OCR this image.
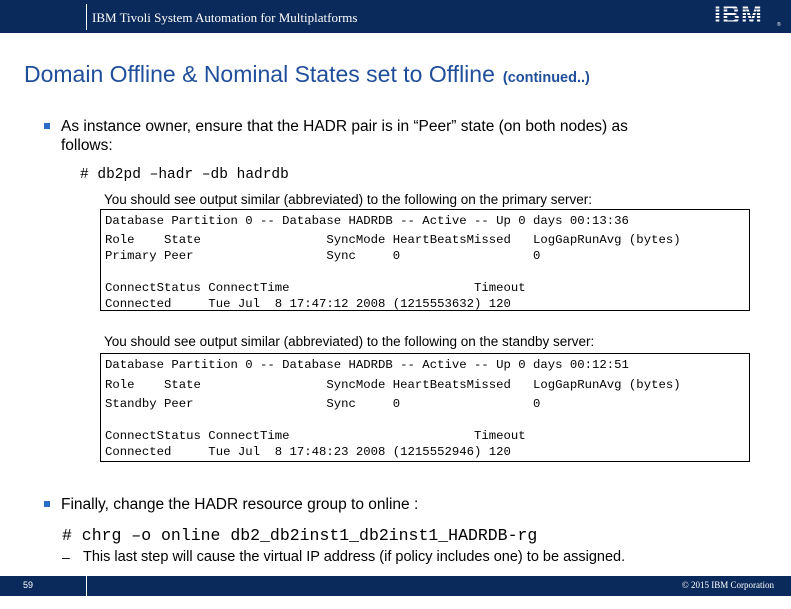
IBM Tivoli System Automation for Multiplatforms	IBM	®
Domain Offline & Nominal States set to Offline (continued..)
As instance owner, ensure that the HADR pair is in “Peer” state (on both nodes) as
follows:
# db2pd –hadr –db hadrdb
You should see output similar (abbreviated) to the following on the primary server:
Database Partition 0 -- Database HADRDB -- Active -- Up 0 days 00:13:36
Role    State                 SyncMode HeartBeatsMissed   LogGapRunAvg (bytes)
Primary Peer                  Sync     0                  0
ConnectStatus ConnectTime                         Timeout
Connected     Tue Jul  8 17:47:12 2008 (1215553632) 120
You should see output similar (abbreviated) to the following on the standby server:
Database Partition 0 -- Database HADRDB -- Active -- Up 0 days 00:12:51
Role    State                 SyncMode HeartBeatsMissed   LogGapRunAvg (bytes)
Standby Peer                  Sync     0                  0
ConnectStatus ConnectTime                         Timeout
Connected     Tue Jul  8 17:48:23 2008 (1215552946) 120
Finally, change the HADR resource group to online :
# chrg –o online db2_db2inst1_db2inst1_HADRDB-rg
– This last step will cause the virtual IP address (if policy includes one) to be assigned.
59	© 2015 IBM Corporation
